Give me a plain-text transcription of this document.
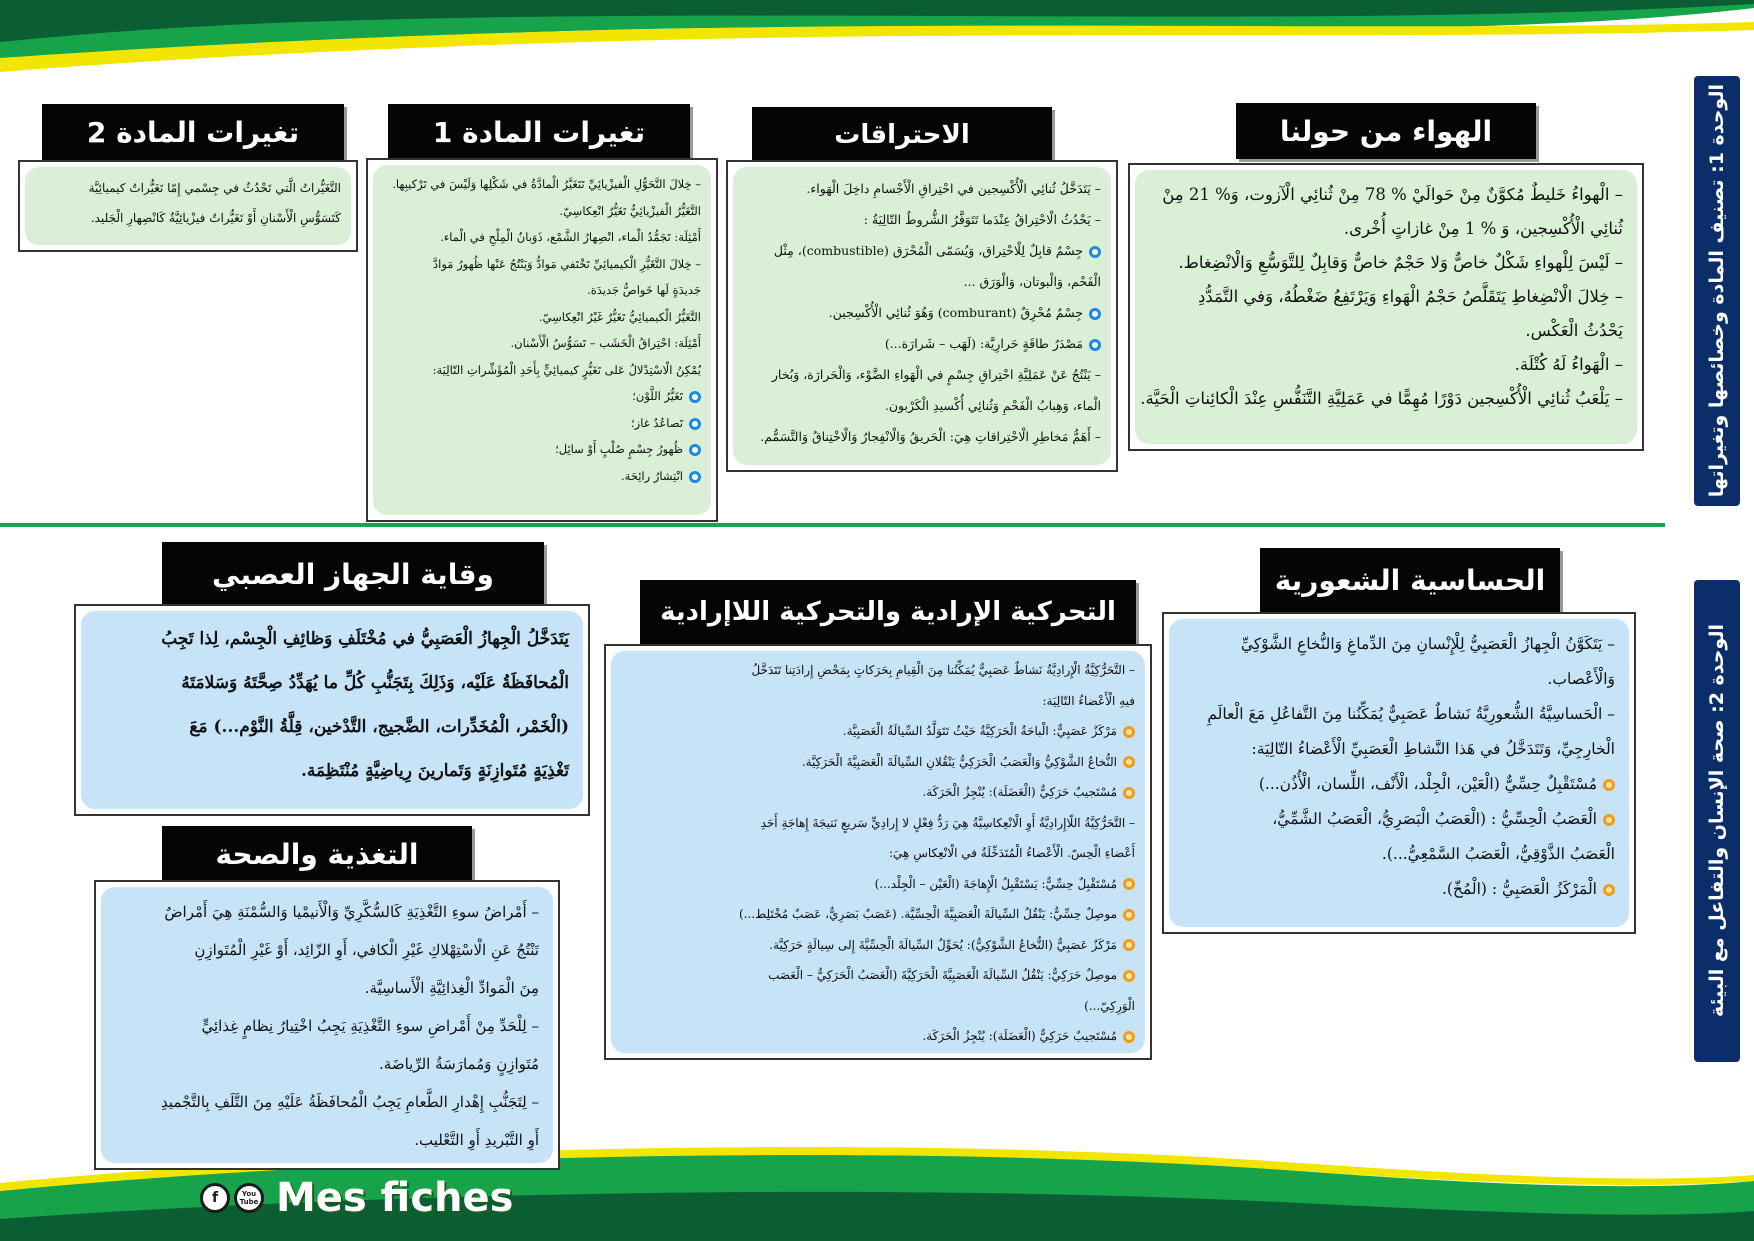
الوحدة 1: تصنيف المادة وخصائصها وتغيراتها
الوحدة 2: صحة الإنسان والتفاعل مع البيئة
الهواء من حولنا

– الْهواءُ خَليطٌ مُكوَّنٌ مِنْ حَوالَيْ % 78 مِنْ ثُنائِي الْآزوت، وَ% 21 مِنْ

ثُنائِي الْأُكْسِجين، وَ % 1 مِنْ غازاتٍ أُخْرى.

– لَيْسَ لِلْهواءِ شَكْلٌ خاصٌّ وَلا حَجْمٌ خاصٌّ وَقابِلٌ لِلتَّوَسُّعِ وَالْانْضِغاط.

– خِلالَ الْانْضِغاطِ يَتَقَلَّصُ حَجْمُ الْهَواءِ وَيَرْتَفِعُ ضَغْطُهُ، وَفي التَّمَدُّدِ

يَحْدُثُ الْعَكْس.

– الْهَواءُ لَهُ كُتْلَة.

– يَلْعَبُ ثُنائِي الْأُكْسِجين دَوْرًا مُهِمًّا في عَمَلِيَّةِ التَّنَفُّسِ عِنْدَ الْكائِناتِ الْحَيَّة.

الاحتراقات

– يَتَدَخَّلُ ثُنائِي الْأُكْسِجين في احْتِراقِ الْأَجْسامِ داخِلَ الْهَواء.

– يَحْدُثُ الْاحْتِراقُ عِنْدَما تَتَوَفَّرُ الشُّروطُ التّالِيَةُ :

جِسْمٌ قابِلٌ لِلْاحْتِراق، وَيُسَمّى الْمُحْرَق (combustible)، مِثْل

الْفَحْم، وَالْبوتان، وَالْوَرَق ...

جِسْمٌ مُحْرِقٌ (comburant) وَهُوَ ثُنائِي الْأُكْسِجين.

مَصْدَرُ طاقَةٍ حَرارِيَّة: (لَهَب – شَرارَة...)

– يَنْتُجُ عَنْ عَمَلِيَّةِ احْتِراقِ جِسْمٍ في الْهَواءِ الضَّوْء، وَالْحَرارَة، وَبُخار

الْماء، وَهِبابُ الْفَحْمِ وَثُنائِي أُكْسيدِ الْكَرْبون.

– أَهَمُّ مَخاطِرِ الْاحْتِراقاتِ هِيَ: الْحَريقُ وَالْانْفِجارُ وَالْاخْتِناقُ وَالتَّسَمُّم.

تغيرات المادة 1

– خِلالَ التَّحَوُّلِ الْفيزْيائِيِّ تَتَغَيَّرُ الْمادَّةُ في شَكْلِها وَلَيْسَ في تَرْكيبِها.

التَّغَيُّرُ الْفيزْيائِيُّ تَغَيُّرٌ انْعِكاسِيّ.

أَمْثِلَة: تَجَمُّدُ الْماء، انْصِهارُ الشَّمْع، ذَوَبانُ الْمِلْحِ في الْماء.

– خِلالَ التَّغَيُّرِ الْكيميائِيِّ تَخْتَفي مَوادُّ وَيَنْتُجُ عَنْها ظُهورُ مَوادَّ

جَديدَةٍ لَها خَواصُّ جَديدَة.

التَّغَيُّرُ الْكيميائِيُّ تَغَيُّرٌ غَيْرُ انْعِكاسِيّ.

أَمْثِلَة: احْتِراقُ الْخَشَب – تَسَوُّسُ الْأَسْنان.

يُمْكِنُ الْاسْتِدْلالُ عَلى تَغَيُّرٍ كيميائِيٍّ بِأَحَدِ الْمُؤَشِّراتِ التّالِيَة:

تَغَيُّرُ اللَّوْن؛

تَصاعُدُ غاز؛

ظُهورُ جِسْمٍ صُلْبٍ أَوْ سائِل؛

انْتِشارُ رائِحَة.

تغيرات المادة 2

التَّغَيُّراتُ الَّتي تَحْدُثُ في جِسْمي إِمّا تَغَيُّراتٌ كيميائِيَّة

كَتَسَوُّسِ الْأَسْنانِ أَوْ تَغَيُّراتٌ فيزْيائِيَّةٌ كَانْصِهارِ الْجَليد.

الحساسية الشعورية

– يَتَكَوَّنُ الْجِهازُ الْعَصَبِيُّ لِلْإِنْسانِ مِنَ الدِّماغِ وَالنُّخاعِ الشَّوْكِيِّ

وَالْأَعْصاب.

– الْحَساسِيَّةُ الشُّعورِيَّةُ نَشاطٌ عَصَبِيٌّ يُمَكِّنُنا مِنَ التَّفاعُلِ مَعَ الْعالَمِ

الْخارِجِيِّ، وَتَتَدَخَّلُ في هَذا النَّشاطِ الْعَصَبِيِّ الْأَعْضاءُ التّالِيَة:

مُسْتَقْبِلٌ حِسِّيٌّ (الْعَيْن، الْجِلْد، الْأَنْف، اللِّسان، الْأُذُن...)

الْعَصَبُ الْحِسِّيُّ : (الْعَصَبُ الْبَصَرِيُّ، الْعَصَبُ الشَّمِّيُّ،

الْعَصَبُ الذَّوْقِيُّ، الْعَصَبُ السَّمْعِيُّ...).

الْمَرْكَزُ الْعَصَبِيُّ : (الْمُخّ).

التحركية الإرادية والتحركية اللاإرادية

– التَّحَرُّكِيَّةُ الْإِرادِيَّةُ نَشاطٌ عَصَبِيٌّ يُمَكِّنُنا مِنَ الْقِيامِ بِحَرَكاتٍ بِمَحْضِ إِرادَتِنا تَتَدَخَّلُ

فيهِ الْأَعْضاءُ التّالِيَة:

مَرْكَزٌ عَصَبِيٌّ: الْباحَةُ الْحَرَكِيَّةُ حَيْثُ تَتَوَلَّدُ السِّيالَةُ الْعَصَبِيَّة.

النُّخاعُ الشَّوْكِيُّ وَالْعَصَبُ الْحَرَكِيُّ يَنْقُلانِ السِّيالَةَ الْعَصَبِيَّةَ الْحَرَكِيَّة.

مُسْتَجيبٌ حَرَكِيٌّ (الْعَضَلَة): يُنْجِزُ الْحَرَكَة.

– التَّحَرُّكِيَّةُ اللّاإِرادِيَّةُ أَوِ الْانْعِكاسِيَّةُ هِيَ رَدُّ فِعْلٍ لا إِرادِيٍّ سَريعٍ نَتيجَةَ إِهاجَةِ أَحَدِ

أَعْضاءِ الْحِسّ. الْأَعْضاءُ الْمُتَدَخِّلَةُ في الْانْعِكاسِ هِيَ:

مُسْتَقْبِلٌ حِسِّيٌّ: يَسْتَقْبِلُ الْإِهاجَةَ (الْعَيْن – الْجِلْد...)

موصِلٌ حِسِّيٌّ: يَنْقُلُ السِّيالَةَ الْعَصَبِيَّةَ الْحِسِّيَّة. (عَصَبٌ بَصَرِيٌّ، عَصَبٌ مُخْتَلِط...)

مَرْكَزٌ عَصَبِيٌّ (النُّخاعُ الشَّوْكِيُّ): يُحَوِّلُ السِّيالَةَ الْحِسِّيَّةَ إِلى سِيالَةٍ حَرَكِيَّة.

موصِلٌ حَرَكِيٌّ: يَنْقُلُ السِّيالَةَ الْعَصَبِيَّةَ الْحَرَكِيَّةَ (الْعَصَبُ الْحَرَكِيُّ – الْعَصَب

الْوَرِكِيّ...)

مُسْتَجيبٌ حَرَكِيٌّ (الْعَضَلَة): يُنْجِزُ الْحَرَكَة.

وقاية الجهاز العصبي

يَتَدَخَّلُ الْجِهازُ الْعَصَبِيُّ في مُخْتَلَفِ وَظائِفِ الْجِسْم، لِذا تَجِبُ

الْمُحافَظَةُ عَلَيْه، وَذَلِكَ بِتَجَنُّبِ كُلِّ ما يُهَدِّدُ صِحَّتَهُ وَسَلامَتَهُ

(الْخَمْر، الْمُخَدِّرات، الضَّجيج، التَّدْخين، قِلَّةُ النَّوْم...) مَعَ

تَغْذِيَةٍ مُتَوازِنَةٍ وَتَمارينَ رِياضِيَّةٍ مُنْتَظِمَة.

التغذية والصحة

– أَمْراضُ سوءِ التَّغْذِيَةِ كَالسُّكَّرِيِّ وَالْأَنيمْيا وَالسُّمْنَةِ هِيَ أَمْراضٌ

تَنْتُجُ عَنِ الْاسْتِهْلاكِ غَيْرِ الْكافي، أَوِ الزّائِد، أَوْ غَيْرِ الْمُتَوازِنِ

مِنَ الْمَوادِّ الْغِذائِيَّةِ الْأَساسِيَّة.

– لِلْحَدِّ مِنْ أَمْراضِ سوءِ التَّغْذِيَةِ يَجِبُ اخْتِيارُ نِظامٍ غِذائِيٍّ

مُتَوازِنٍ وَمُمارَسَةُ الرِّياضَة.

– لِتَجَنُّبِ إِهْدارِ الطَّعامِ يَجِبُ الْمُحافَظَةُ عَلَيْهِ مِنَ التَّلَفِ بِالتَّجْميدِ

أَوِ التَّبْريدِ أَوِ التَّعْليب.

f	You Tube Mes fiches
